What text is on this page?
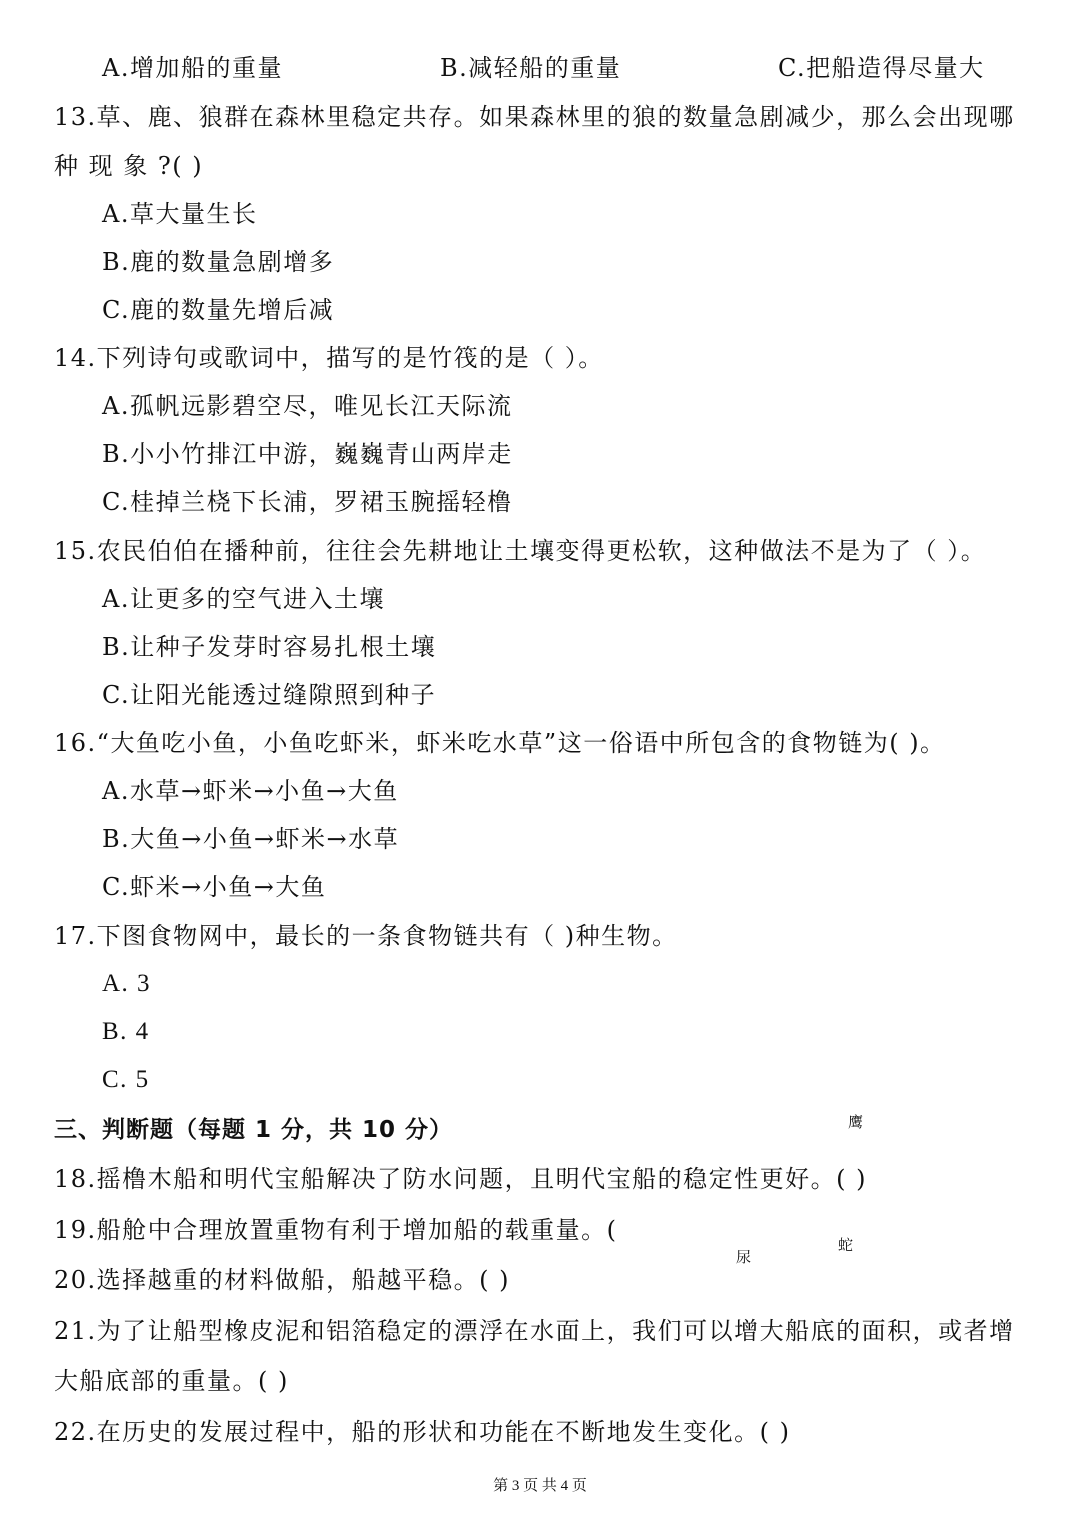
A.增加船的重量	B.减轻船的重量	C.把船造得尽量大
13.草、鹿、狼群在森林里稳定共存。如果森林里的狼的数量急剧减少，那么会出现哪
种 现 象 ?( )
A.草大量生长
B.鹿的数量急剧增多
C.鹿的数量先增后减
14.下列诗句或歌词中，描写的是竹筏的是（ ）。
A.孤帆远影碧空尽，唯见长江天际流
B.小小竹排江中游，巍巍青山两岸走
C.桂掉兰桡下长浦，罗裙玉腕摇轻橹
15.农民伯伯在播种前，往往会先耕地让土壤变得更松软，这种做法不是为了（ ）。
A.让更多的空气进入土壤
B.让种子发芽时容易扎根土壤
C.让阳光能透过缝隙照到种子
16.“大鱼吃小鱼，小鱼吃虾米，虾米吃水草”这一俗语中所包含的食物链为( )。
A.水草→虾米→小鱼→大鱼
B.大鱼→小鱼→虾米→水草
C.虾米→小鱼→大鱼
17.下图食物网中，最长的一条食物链共有（ )种生物。
A. 3
B. 4
C. 5
三、判断题（每题 1 分，共 10 分）	鹰
蛇
尿
18.摇橹木船和明代宝船解决了防水问题，且明代宝船的稳定性更好。( )
19.船舱中合理放置重物有利于增加船的载重量。(
20.选择越重的材料做船，船越平稳。( )
21.为了让船型橡皮泥和铝箔稳定的漂浮在水面上，我们可以增大船底的面积，或者增
大船底部的重量。( )
22.在历史的发展过程中，船的形状和功能在不断地发生变化。( )
第 3 页 共 4 页
